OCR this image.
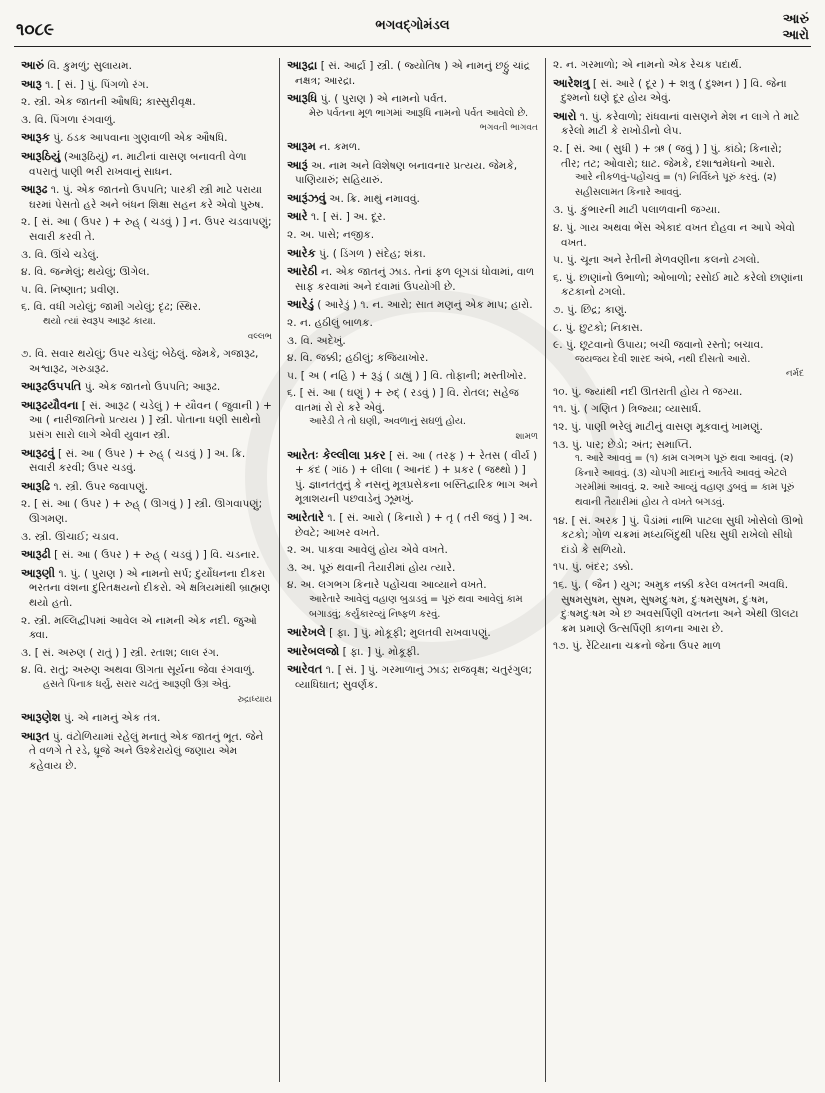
૧૦૮૯	ભગવદ્ગોમંડલ	આરું
આરો

આરું વિ. કુમળું; સુલાયમ.

આરૂ ૧. [ સં. ] પું. પિંગળો રંગ.

૨. સ્ત્રી. એક જાતની ઔષધિ; કાસ્સુરીવૃક્ષ.

૩. વિ. પિંગળા રંગવાળું.

આરૂક પું. ઠંડક આપવાના ગુણવાળી એક ઔષધિ.

આરૂઠિયું (આરૂઠિયું) ન. માટીનાં વાસણ બનાવતી વેળા વપરાતું પાણી ભરી રાખવાનું સાધન.

આરૂઢ ૧. પું. એક જાતનો ઉપપતિ; પારકી સ્ત્રી માટે પરાયા ઘરમાં પેસતો હરે અને બંધન શિક્ષા સહન કરે એવો પુરુષ.

૨. [ સં. આ ( ઉપર ) + રુહ્ ( ચડવું ) ] ન. ઉપર ચડવાપણું; સવારી કરવી તે.

૩. વિ. ઊંચે ચડેલું.

૪. વિ. જન્મેલું; થયેલું; ઊગેલ.

૫. વિ. નિષ્ણાત; પ્રવીણ.

૬. વિ. વધી ગયેલું; જામી ગયેલું; દૃઢ; સ્થિર.
થયો ત્યાં સ્વરૂપ આરૂઢ કાયા.
વલ્લભ

૭. વિ. સવાર થયેલું; ઉપર ચડેલું; બેઠેલું. જેમકે, ગજારૂઢ, અશ્વારૂઢ, ગરુડારૂઢ.

આરૂઢઉપપતિ પું. એક જાતનો ઉપપતિ; આરૂઢ.

આરૂઢયૌવના [ સં. આરૂઢ ( ચડેલું ) + યૌવન ( જુવાની ) + આ ( નારીજાતિનો પ્રત્યય ) ] સ્ત્રી. પોતાના ધણી સાથેનો પ્રસંગ સારો લાગે એવી યુવાન સ્ત્રી.

આરૂઢવું [ સં. આ ( ઉપર ) + રુહ્ ( ચડવું ) ] અ. ક્રિ. સવારી કરવી; ઉપર ચડવું.

આરૂઢિ ૧. સ્ત્રી. ઉપર જવાપણું.

૨. [ સં. આ ( ઉપર ) + રુહ્ ( ઊગવું ) ] સ્ત્રી. ઊગવાપણું; ઊગમણ.

૩. સ્ત્રી. ઊંચાઈ; ચડાવ.

આરૂઢી [ સં. આ ( ઉપર ) + રુહ્ ( ચડવું ) ] વિ. ચડનાર.

આરૂણી ૧. પું. ( પુરાણ ) એ નામનો સર્પ; દુર્યોધનના દીકરા ભરતના વંશના દુરિતક્ષયનો દીકરો. એ ક્ષત્રિયમાંથી બ્રાહ્મણ થયો હતો.

૨. સ્ત્રી. મલ્લિદ્વીપમાં આવેલ એ નામની એક નદી. જુઓ ક્વા.

૩. [ સં. અરુણ ( રાતું ) ] સ્ત્રી. રતાશ; લાલ રંગ.

૪. વિ. રાતું; અરુણ અથવા ઊગતા સૂર્યના જેવા રંગવાળું.
હસતે પિનાક ધર્યું, સરાર ચઢતું આરૂણી ઉગ્ર એવું.
રુદ્રાધ્યાય

આરૂણેશ પું. એ નામનું એક તંત્ર.

આરૂત પું. વંટોળિયામાં રહેલું મનાતું એક જાતનું ભૂત. જેને તે વળગે તે રડે, ધ્રૂજે અને ઉશ્કેરાયેલું જણાય એમ કહેવાય છે.

આરૂદ્રા [ સં. આર્દ્રા ] સ્ત્રી. ( જ્યોતિષ ) એ નામનું છઠ્ઠું ચાંદ્ર નક્ષત્ર; આરદ્રા.

આરૂધિ પું. ( પુરાણ ) એ નામનો પર્વત.
મેરુ પર્વતના મૂળ ભાગમાં આરૂધિ નામનો પર્વત આવેલો છે.
ભગવતી ભાગવત

આરૂમ ન. કમળ.

આરૂં અ. નામ અને વિશેષણ બનાવનાર પ્રત્યય. જેમકે, પાણિયારું; સહિયારું.

આરૂંઝવું અ. ક્રિ. માથું નમાવવું.

આરે ૧. [ સં. ] અ. દૂર.

૨. અ. પાસે; નજીક.

આરેક પું. ( ડિંગળ ) સંદેહ; શંકા.

આરેઠી ન. એક જાતનું ઝાડ. તેનાં ફળ લૂગડાં ધોવામાં, વાળ સાફ કરવામાં અને દવામાં ઉપયોગી છે.

આરેડું ( આરેડું ) ૧. ન. આરો; સાત મણનું એક માપ; હારો.

૨. ન. હઠીલું બાળક.

૩. વિ. અદેખું.

૪. વિ. જક્કી; હઠીલું; કજિયાખોર.

૫. [ અ ( નહિ ) + રૂડું ( ડાહ્યું ) ] વિ. તોફાની; મસ્તીખોર.

૬. [ સં. આ ( ઘણું ) + રુદ્ ( રડવું ) ] વિ. રોતલ; સહેજ વાતમાં રો રો કરે એવું.
આરેડી તે તો ઘણી, અવળાનું સઘળું હોય.
શામળ

આરેતઃ કેલ્લીલા પ્રકર [ સં. આ ( તરફ ) + રેતસ ( વીર્ય ) + કંદ ( ગાંઠ ) + લીલા ( આનંદ ) + પ્રકર ( જથ્થો ) ] પું. જ્ઞાનતંતુનું કે નસનું મૂત્રપ્રસેકના બસ્તિદ્વારિક ભાગ અને મૂત્રાશયની પછવાડેનું ઝૂમખું.

આરેતારે ૧. [ સં. આરો ( કિનારો ) + તૃ ( તરી જવું ) ] અ. છેવટે; આખર વખતે.

૨. અ. પાકવા આવેલું હોય એવે વખતે.

૩. અ. પૂરું થવાની તૈયારીમાં હોય ત્યારે.

૪. અ. લગભગ કિનારે પહોંચવા આવ્યાને વખતે.
આરેતારે આવેલું વહાણ બુડાડવું = પૂરું થવા આવેલું કામ બગાડવું; કર્યુંકારવ્યું નિષ્ફળ કરવું.

આરેખલે [ ફા. ] પું. મોકૂફી; મુલતવી રાખવાપણું.

આરેબલજો [ ફા. ] પું. મોકૂફી.

આરેવત ૧. [ સં. ] પું. ગરમાળાનું ઝાડ; રાજવૃક્ષ; ચતુરંગુલ; વ્યાધિઘાત; સુવર્ણક.

૨. ન. ગરમાળો; એ નામનો એક રેચક પદાર્થ.

આરેશત્રુ [ સં. આરે ( દૂર ) + શત્રુ ( દુશ્મન ) ] વિ. જેના દુશ્મનો ઘણે દૂર હોય એવું.

આરો ૧. પું. કરેવાળો; રાંધવાનાં વાસણને મેશ ન લાગે તે માટે કરેલો માટી કે રાખોડીનો લેપ.

૨. [ સં. આ ( સુધી ) + ઋ ( જવું ) ] પું. કાંઠો; કિનારો; તીર; તટ; ઓવારો; ઘાટ. જેમકે, દશાશ્વમેધનો આરો.
આરે નીકળવું-પહોંચવું = (૧) નિર્વિઘ્ને પૂરું કરવું. (૨) સહીસલામત કિનારે આવવું.

૩. પું. કુંભારની માટી પલાળવાની જગ્યા.

૪. પું. ગાય અથવા ભેંસ એકાદ વખત દોહવા ન આપે એવો વખત.

૫. પું. ચૂના અને રેતીની મેળવણીના કલનો ઢગલો.

૬. પું. છાણાંનો ઉભાળો; ઓબાળો; રસોઈ માટે કરેલો છાણાંના કટકાનો ઢગલો.

૭. પું. છિદ્ર; કાણું.

૮. પું. છુટકો; નિકાસ.

૯. પું. છૂટવાનો ઉપાય; બચી જવાનો રસ્તો; બચાવ.
જયજય દેવી શારદ અંબે, નથી દીસતો આરો.
નર્મદ

૧૦. પું. જ્યાંથી નદી ઊતરાતી હોય તે જગ્યા.

૧૧. પું. ( ગણિત ) ત્રિજ્યા; વ્યાસાર્ધ.

૧૨. પું. પાણી ભરેલું માટીનું વાસણ મૂકવાનું ખામણું.

૧૩. પું. પાર; છેડો; અંત; સમાપ્તિ.
૧. આરે આવવું = (૧) કામ લગભગ પૂરું થવા આવવું. (૨) કિનારે આવવું. (૩) ચોપગી માદાનું આર્તવે આવવું એટલે ગરમીમાં આવવું. ૨. આરે આવ્યું વહાણ ડુબવું = કામ પૂરું થવાની તૈયારીમાં હોય તે વખતે બગડવું.

૧૪. [ સં. અરક ] પું. પૈડાંમાં નાભિ પાટલા સુધી ખોસેલો ઊભો કટકો; ગોળ ચક્રમાં મધ્યબિંદુથી પરિઘ સુધી રાખેલો સીધો દાંડો કે સળિયો.

૧૫. પું. બંદર; ડક્કો.

૧૬. પું. ( જૈન ) યુગ; અમુક નક્કી કરેલ વખતની અવધિ. સુષમસુષમ, સુષમ, સુષમદુઃષમ, દુઃષમસુષમ, દુઃષમ, દુઃષમદુઃષમ એ છ અવસર્પિણી વખતના અને એથી ઊલટા ક્રમ પ્રમાણે ઉત્સર્પિણી કાળના આરા છે.

૧૭. પું. રેંટિયાના ચક્રનો જેના ઉપર માળ
